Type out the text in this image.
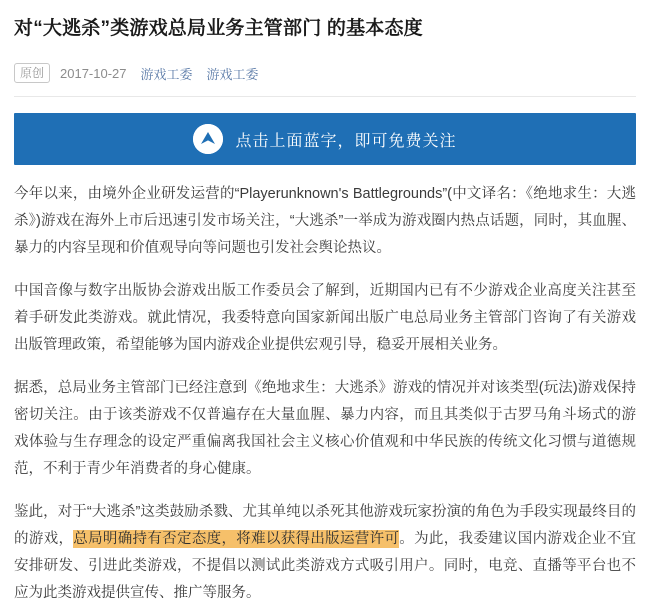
对“大逃杀”类游戏总局业务主管部门 的基本态度
原创	2017-10-27 游戏工委 游戏工委
点击上面蓝字，即可免费关注

今年以来，由境外企业研发运营的“Playerunknown's Battlegrounds”(中文译名：《绝地求生：大逃杀》)游戏在海外上市后迅速引发市场关注，“大逃杀”一举成为游戏圈内热点话题，同时，其血腥、暴力的内容呈现和价值观导向等问题也引发社会舆论热议。

中国音像与数字出版协会游戏出版工作委员会了解到，近期国内已有不少游戏企业高度关注甚至着手研发此类游戏。就此情况，我委特意向国家新闻出版广电总局业务主管部门咨询了有关游戏出版管理政策，希望能够为国内游戏企业提供宏观引导，稳妥开展相关业务。

据悉，总局业务主管部门已经注意到《绝地求生：大逃杀》游戏的情况并对该类型(玩法)游戏保持密切关注。由于该类游戏不仅普遍存在大量血腥、暴力内容，而且其类似于古罗马角斗场式的游戏体验与生存理念的设定严重偏离我国社会主义核心价值观和中华民族的传统文化习惯与道德规范，不利于青少年消费者的身心健康。

鉴此，对于“大逃杀”这类鼓励杀戮、尤其单纯以杀死其他游戏玩家扮演的角色为手段实现最终目的的游戏，总局明确持有否定态度，将难以获得出版运营许可。为此，我委建议国内游戏企业不宜安排研发、引进此类游戏，不提倡以测试此类游戏方式吸引用户。同时，电竞、直播等平台也不应为此类游戏提供宣传、推广等服务。
